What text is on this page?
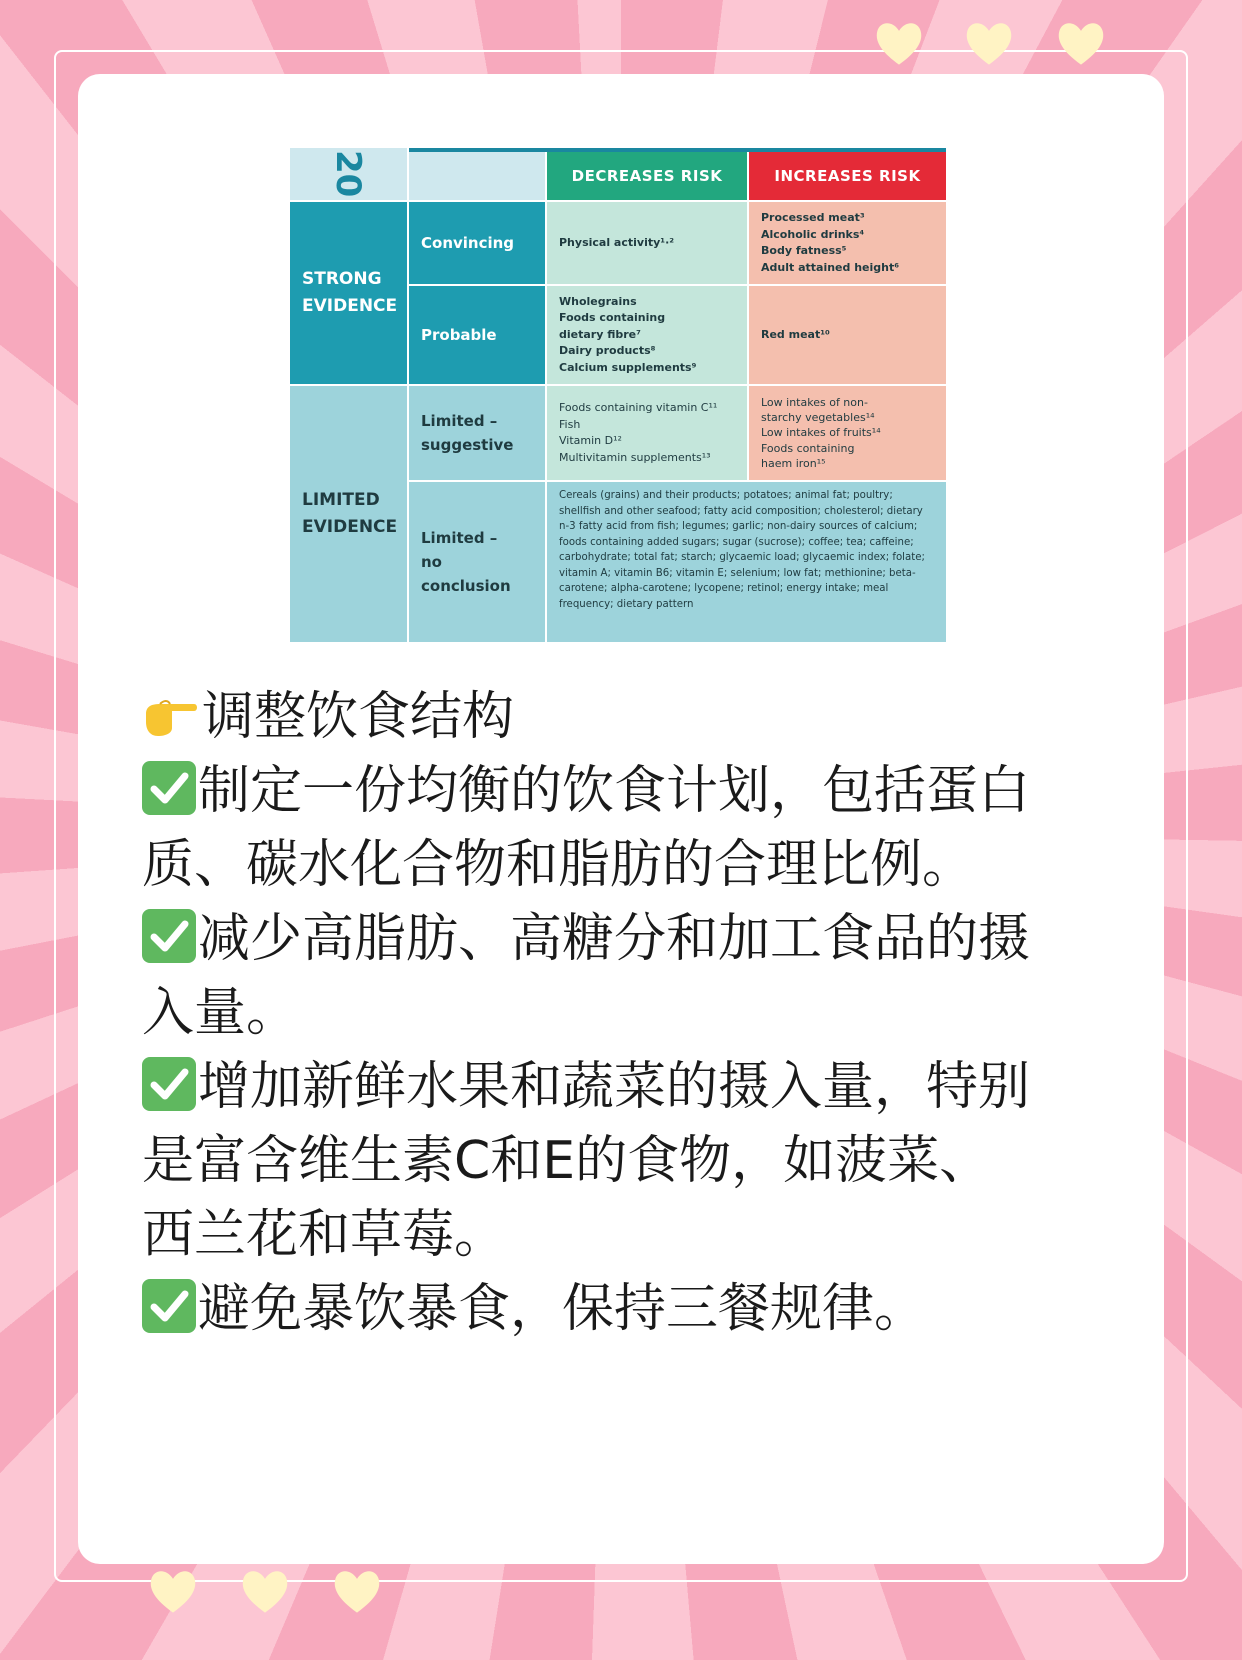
20	DECREASES RISK	INCREASES RISK
STRONG EVIDENCE
LIMITED EVIDENCE
Convincing
Probable
Limited –
suggestive
Limited –
no conclusion
Physical activity¹·²
Processed meat³
Alcoholic drinks⁴
Body fatness⁵
Adult attained height⁶
Wholegrains
Foods containing
dietary fibre⁷
Dairy products⁸
Calcium supplements⁹
Red meat¹⁰
Foods containing vitamin C¹¹
Fish
Vitamin D¹²
Multivitamin supplements¹³
Low intakes of non-
starchy vegetables¹⁴
Low intakes of fruits¹⁴
Foods containing
haem iron¹⁵
Cereals (grains) and their products; potatoes; animal fat; poultry; shellfish and other seafood; fatty acid composition; cholesterol; dietary n-3 fatty acid from fish; legumes; garlic; non-dairy sources of calcium; foods containing added sugars; sugar (sucrose); coffee; tea; caffeine; carbohydrate; total fat; starch; glycaemic load; glycaemic index; folate; vitamin A; vitamin B6; vitamin E; selenium; low fat; methionine; beta-carotene; alpha-carotene; lycopene; retinol; energy intake; meal frequency; dietary pattern
调整饮食结构
制定一份均衡的饮食计划，包括蛋白
质、碳水化合物和脂肪的合理比例。
减少高脂肪、高糖分和加工食品的摄
入量。
增加新鲜水果和蔬菜的摄入量，特别
是富含维生素C和E的食物，如菠菜、
西兰花和草莓。
避免暴饮暴食，保持三餐规律。
